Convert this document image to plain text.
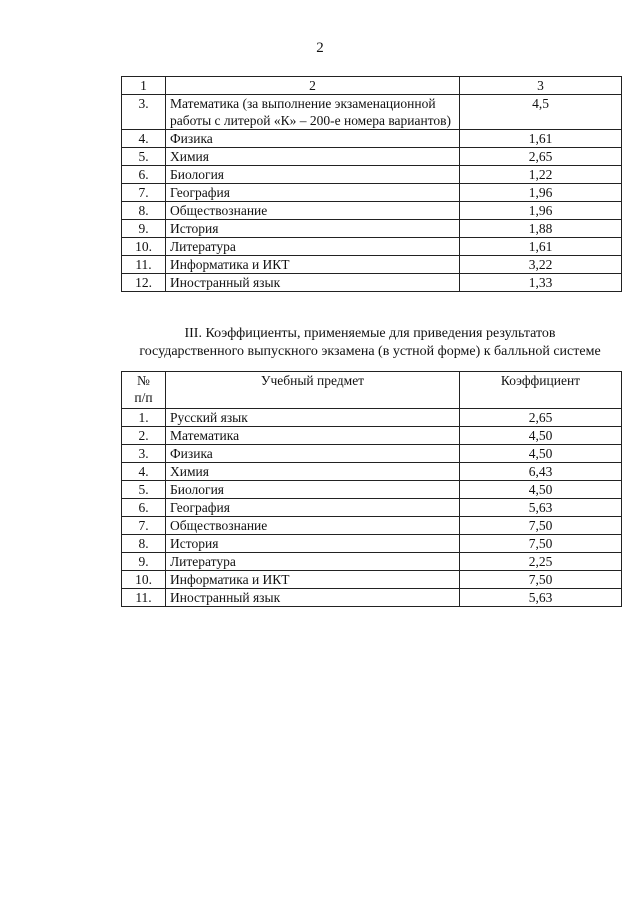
2
1	2	3
3.	Математика (за выполнение экзаменационной работы с литерой «К» – 200-е номера вариантов)	4,5
4.	Физика	1,61
5.	Химия	2,65
6.	Биология	1,22
7.	География	1,96
8.	Обществознание	1,96
9.	История	1,88
10.	Литература	1,61
11.	Информатика и ИКТ	3,22
12.	Иностранный язык	1,33
III. Коэффициенты, применяемые для приведения результатов
государственного выпускного экзамена (в устной форме) к балльной системе
№
п/п	Учебный предмет	Коэффициент
1.	Русский язык	2,65
2.	Математика	4,50
3.	Физика	4,50
4.	Химия	6,43
5.	Биология	4,50
6.	География	5,63
7.	Обществознание	7,50
8.	История	7,50
9.	Литература	2,25
10.	Информатика и ИКТ	7,50
11.	Иностранный язык	5,63
